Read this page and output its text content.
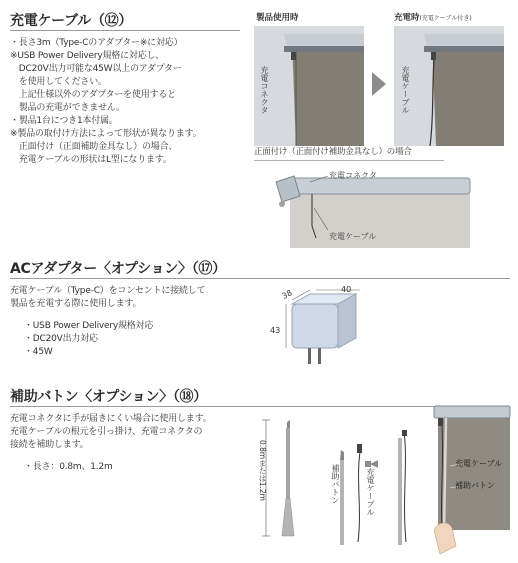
充電ケーブル（⑫）
・長さ3m（Type-Cのアダプター※に対応）
※USB Power Delivery規格に対応し、
　DC20V出力可能な45W以上のアダプター
　を使用してください。
　上記仕様以外のアダプターを使用すると
　製品の充電ができません。
・製品1台につき1本付属。
※製品の取付け方法によって形状が異なります。
　正面付け（正面補助金具なし）の場合、
　充電ケーブルの形状はL型になります。
製品使用時
充電コネクタ
充電時(充電ケーブル付き)
充電ケーブル
正面付け（正面付け補助金具なし）の場合
充電コネクタ
充電ケーブル
ACアダプター〈オプション〉（⑰）
充電ケーブル（Type-C）をコンセントに接続して
製品を充電する際に使用します。
・USB Power Delivery規格対応
・DC20V出力対応
・45W
38	40
43
補助バトン〈オプション〉（⑱）
充電コネクタに手が届きにくい場合に使用します。
充電ケーブルの根元を引っ掛け、充電コネクタの
接続を補助します。
・長さ：0.8m、1.2m	0.8mまたは1.2m	補助バトン	充電ケーブル
充電ケーブル
補助バトン
